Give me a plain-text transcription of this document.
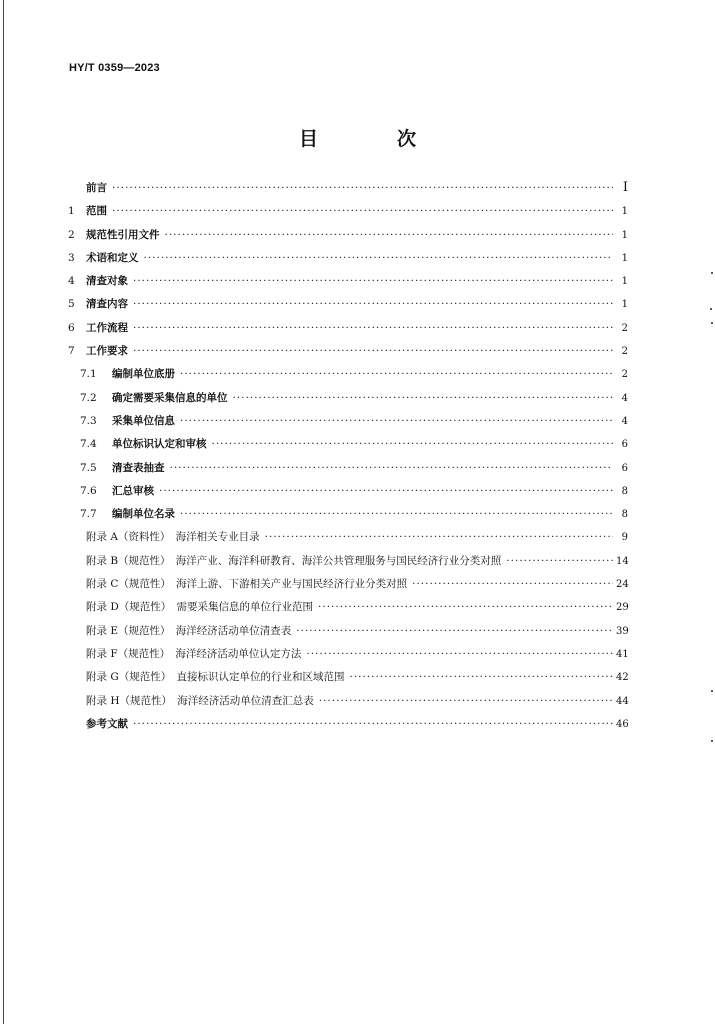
HY/T 0359—2023
目　次
前言 ·····	I
1	范围 ·····	1
2	规范性引用文件 ·····	1
3	术语和定义 ·····	1
4	清查对象 ·····	1
5	清查内容 ·····	1
6	工作流程 ·····	2
7	工作要求 ·····	2
7.1	编制单位底册 ·····	2
7.2	确定需要采集信息的单位 ·····	4
7.3	采集单位信息 ·····	4
7.4	单位标识认定和审核 ·····	6
7.5	清查表抽查 ·····	6
7.6	汇总审核 ·····	8
7.7	编制单位名录 ·····	8
附录 A（资料性）　海洋相关专业目录 ·····	9
附录 B（规范性）　海洋产业、海洋科研教育、海洋公共管理服务与国民经济行业分类对照 ·····	14
附录 C（规范性）　海洋上游、下游相关产业与国民经济行业分类对照 ·····	24
附录 D（规范性）　需要采集信息的单位行业范围 ·····	29
附录 E（规范性）　海洋经济活动单位清查表 ·····	39
附录 F（规范性）　海洋经济活动单位认定方法 ·····	41
附录 G（规范性）　直接标识认定单位的行业和区域范围 ·····	42
附录 H（规范性）　海洋经济活动单位清查汇总表 ·····	44
参考文献 ·····	46
